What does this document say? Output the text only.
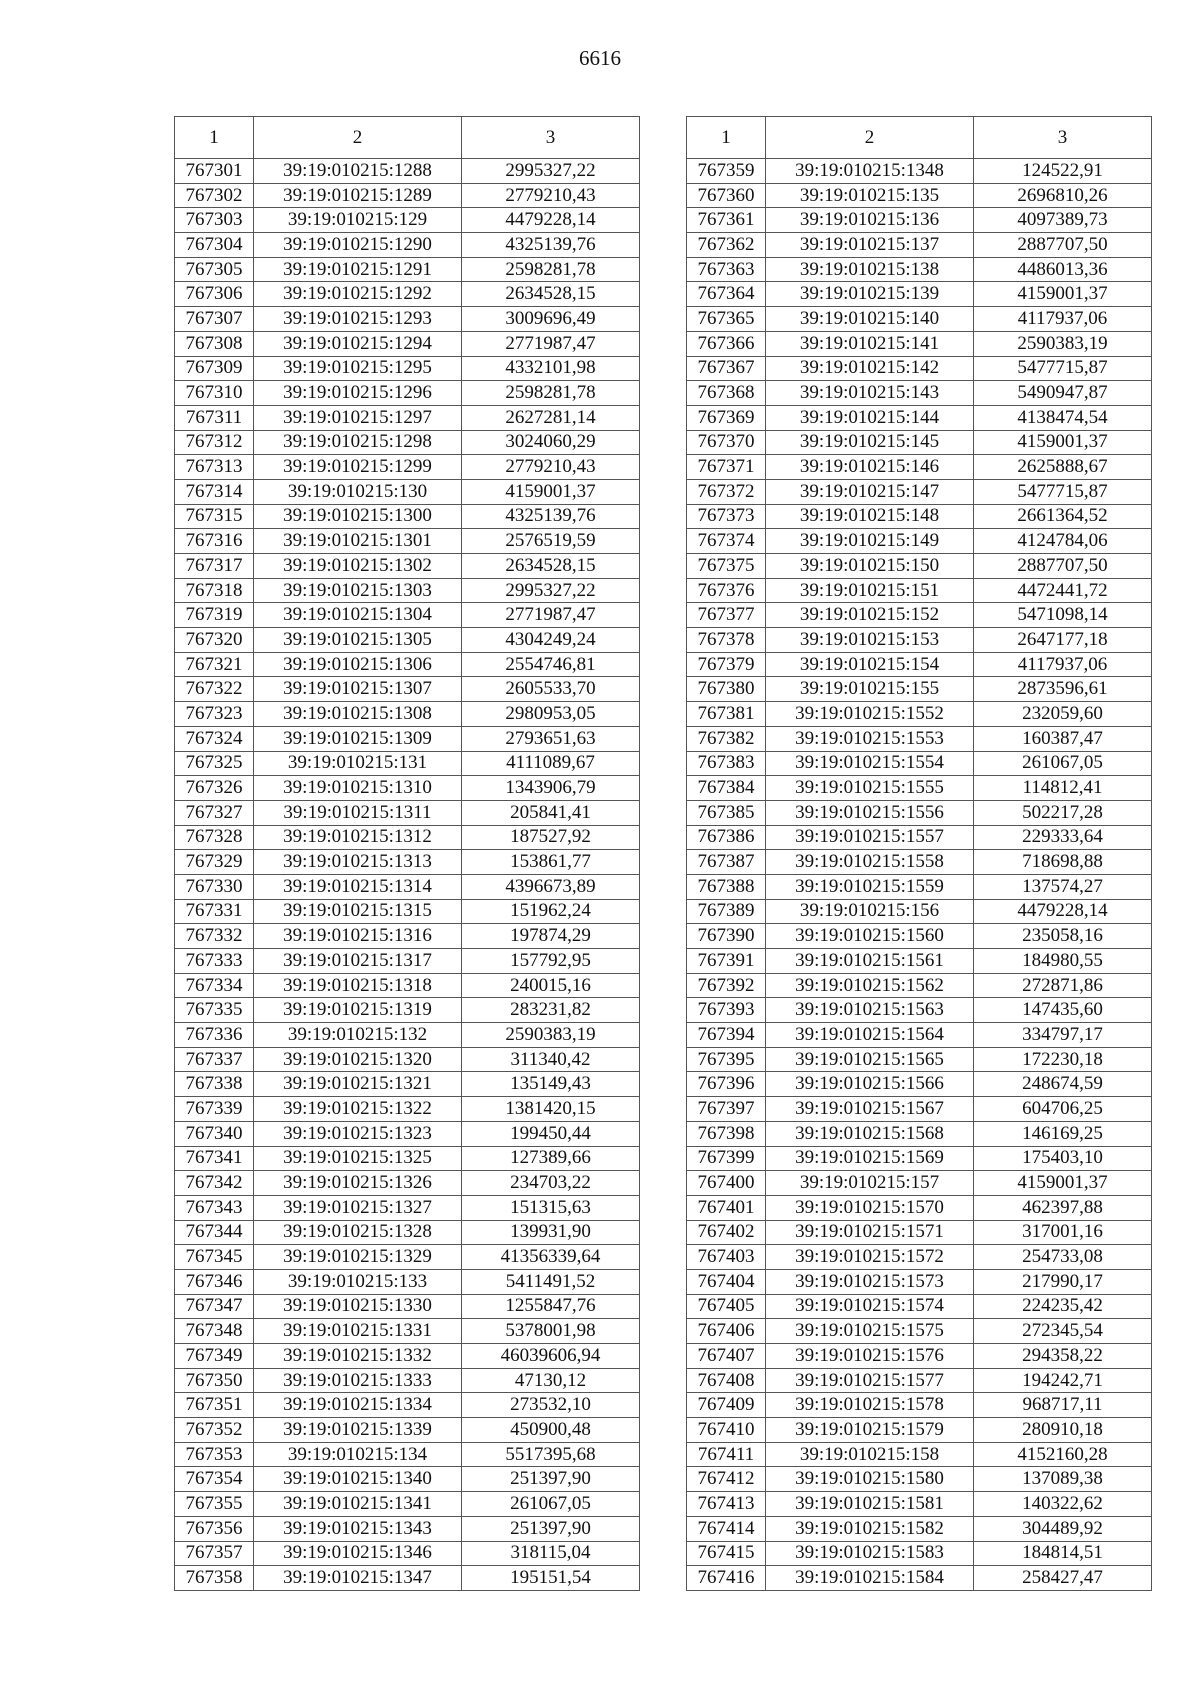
6616
1	2	3
767301	39:19:010215:1288	2995327,22
767302	39:19:010215:1289	2779210,43
767303	39:19:010215:129	4479228,14
767304	39:19:010215:1290	4325139,76
767305	39:19:010215:1291	2598281,78
767306	39:19:010215:1292	2634528,15
767307	39:19:010215:1293	3009696,49
767308	39:19:010215:1294	2771987,47
767309	39:19:010215:1295	4332101,98
767310	39:19:010215:1296	2598281,78
767311	39:19:010215:1297	2627281,14
767312	39:19:010215:1298	3024060,29
767313	39:19:010215:1299	2779210,43
767314	39:19:010215:130	4159001,37
767315	39:19:010215:1300	4325139,76
767316	39:19:010215:1301	2576519,59
767317	39:19:010215:1302	2634528,15
767318	39:19:010215:1303	2995327,22
767319	39:19:010215:1304	2771987,47
767320	39:19:010215:1305	4304249,24
767321	39:19:010215:1306	2554746,81
767322	39:19:010215:1307	2605533,70
767323	39:19:010215:1308	2980953,05
767324	39:19:010215:1309	2793651,63
767325	39:19:010215:131	4111089,67
767326	39:19:010215:1310	1343906,79
767327	39:19:010215:1311	205841,41
767328	39:19:010215:1312	187527,92
767329	39:19:010215:1313	153861,77
767330	39:19:010215:1314	4396673,89
767331	39:19:010215:1315	151962,24
767332	39:19:010215:1316	197874,29
767333	39:19:010215:1317	157792,95
767334	39:19:010215:1318	240015,16
767335	39:19:010215:1319	283231,82
767336	39:19:010215:132	2590383,19
767337	39:19:010215:1320	311340,42
767338	39:19:010215:1321	135149,43
767339	39:19:010215:1322	1381420,15
767340	39:19:010215:1323	199450,44
767341	39:19:010215:1325	127389,66
767342	39:19:010215:1326	234703,22
767343	39:19:010215:1327	151315,63
767344	39:19:010215:1328	139931,90
767345	39:19:010215:1329	41356339,64
767346	39:19:010215:133	5411491,52
767347	39:19:010215:1330	1255847,76
767348	39:19:010215:1331	5378001,98
767349	39:19:010215:1332	46039606,94
767350	39:19:010215:1333	47130,12
767351	39:19:010215:1334	273532,10
767352	39:19:010215:1339	450900,48
767353	39:19:010215:134	5517395,68
767354	39:19:010215:1340	251397,90
767355	39:19:010215:1341	261067,05
767356	39:19:010215:1343	251397,90
767357	39:19:010215:1346	318115,04
767358	39:19:010215:1347	195151,54
1	2	3
767359	39:19:010215:1348	124522,91
767360	39:19:010215:135	2696810,26
767361	39:19:010215:136	4097389,73
767362	39:19:010215:137	2887707,50
767363	39:19:010215:138	4486013,36
767364	39:19:010215:139	4159001,37
767365	39:19:010215:140	4117937,06
767366	39:19:010215:141	2590383,19
767367	39:19:010215:142	5477715,87
767368	39:19:010215:143	5490947,87
767369	39:19:010215:144	4138474,54
767370	39:19:010215:145	4159001,37
767371	39:19:010215:146	2625888,67
767372	39:19:010215:147	5477715,87
767373	39:19:010215:148	2661364,52
767374	39:19:010215:149	4124784,06
767375	39:19:010215:150	2887707,50
767376	39:19:010215:151	4472441,72
767377	39:19:010215:152	5471098,14
767378	39:19:010215:153	2647177,18
767379	39:19:010215:154	4117937,06
767380	39:19:010215:155	2873596,61
767381	39:19:010215:1552	232059,60
767382	39:19:010215:1553	160387,47
767383	39:19:010215:1554	261067,05
767384	39:19:010215:1555	114812,41
767385	39:19:010215:1556	502217,28
767386	39:19:010215:1557	229333,64
767387	39:19:010215:1558	718698,88
767388	39:19:010215:1559	137574,27
767389	39:19:010215:156	4479228,14
767390	39:19:010215:1560	235058,16
767391	39:19:010215:1561	184980,55
767392	39:19:010215:1562	272871,86
767393	39:19:010215:1563	147435,60
767394	39:19:010215:1564	334797,17
767395	39:19:010215:1565	172230,18
767396	39:19:010215:1566	248674,59
767397	39:19:010215:1567	604706,25
767398	39:19:010215:1568	146169,25
767399	39:19:010215:1569	175403,10
767400	39:19:010215:157	4159001,37
767401	39:19:010215:1570	462397,88
767402	39:19:010215:1571	317001,16
767403	39:19:010215:1572	254733,08
767404	39:19:010215:1573	217990,17
767405	39:19:010215:1574	224235,42
767406	39:19:010215:1575	272345,54
767407	39:19:010215:1576	294358,22
767408	39:19:010215:1577	194242,71
767409	39:19:010215:1578	968717,11
767410	39:19:010215:1579	280910,18
767411	39:19:010215:158	4152160,28
767412	39:19:010215:1580	137089,38
767413	39:19:010215:1581	140322,62
767414	39:19:010215:1582	304489,92
767415	39:19:010215:1583	184814,51
767416	39:19:010215:1584	258427,47
